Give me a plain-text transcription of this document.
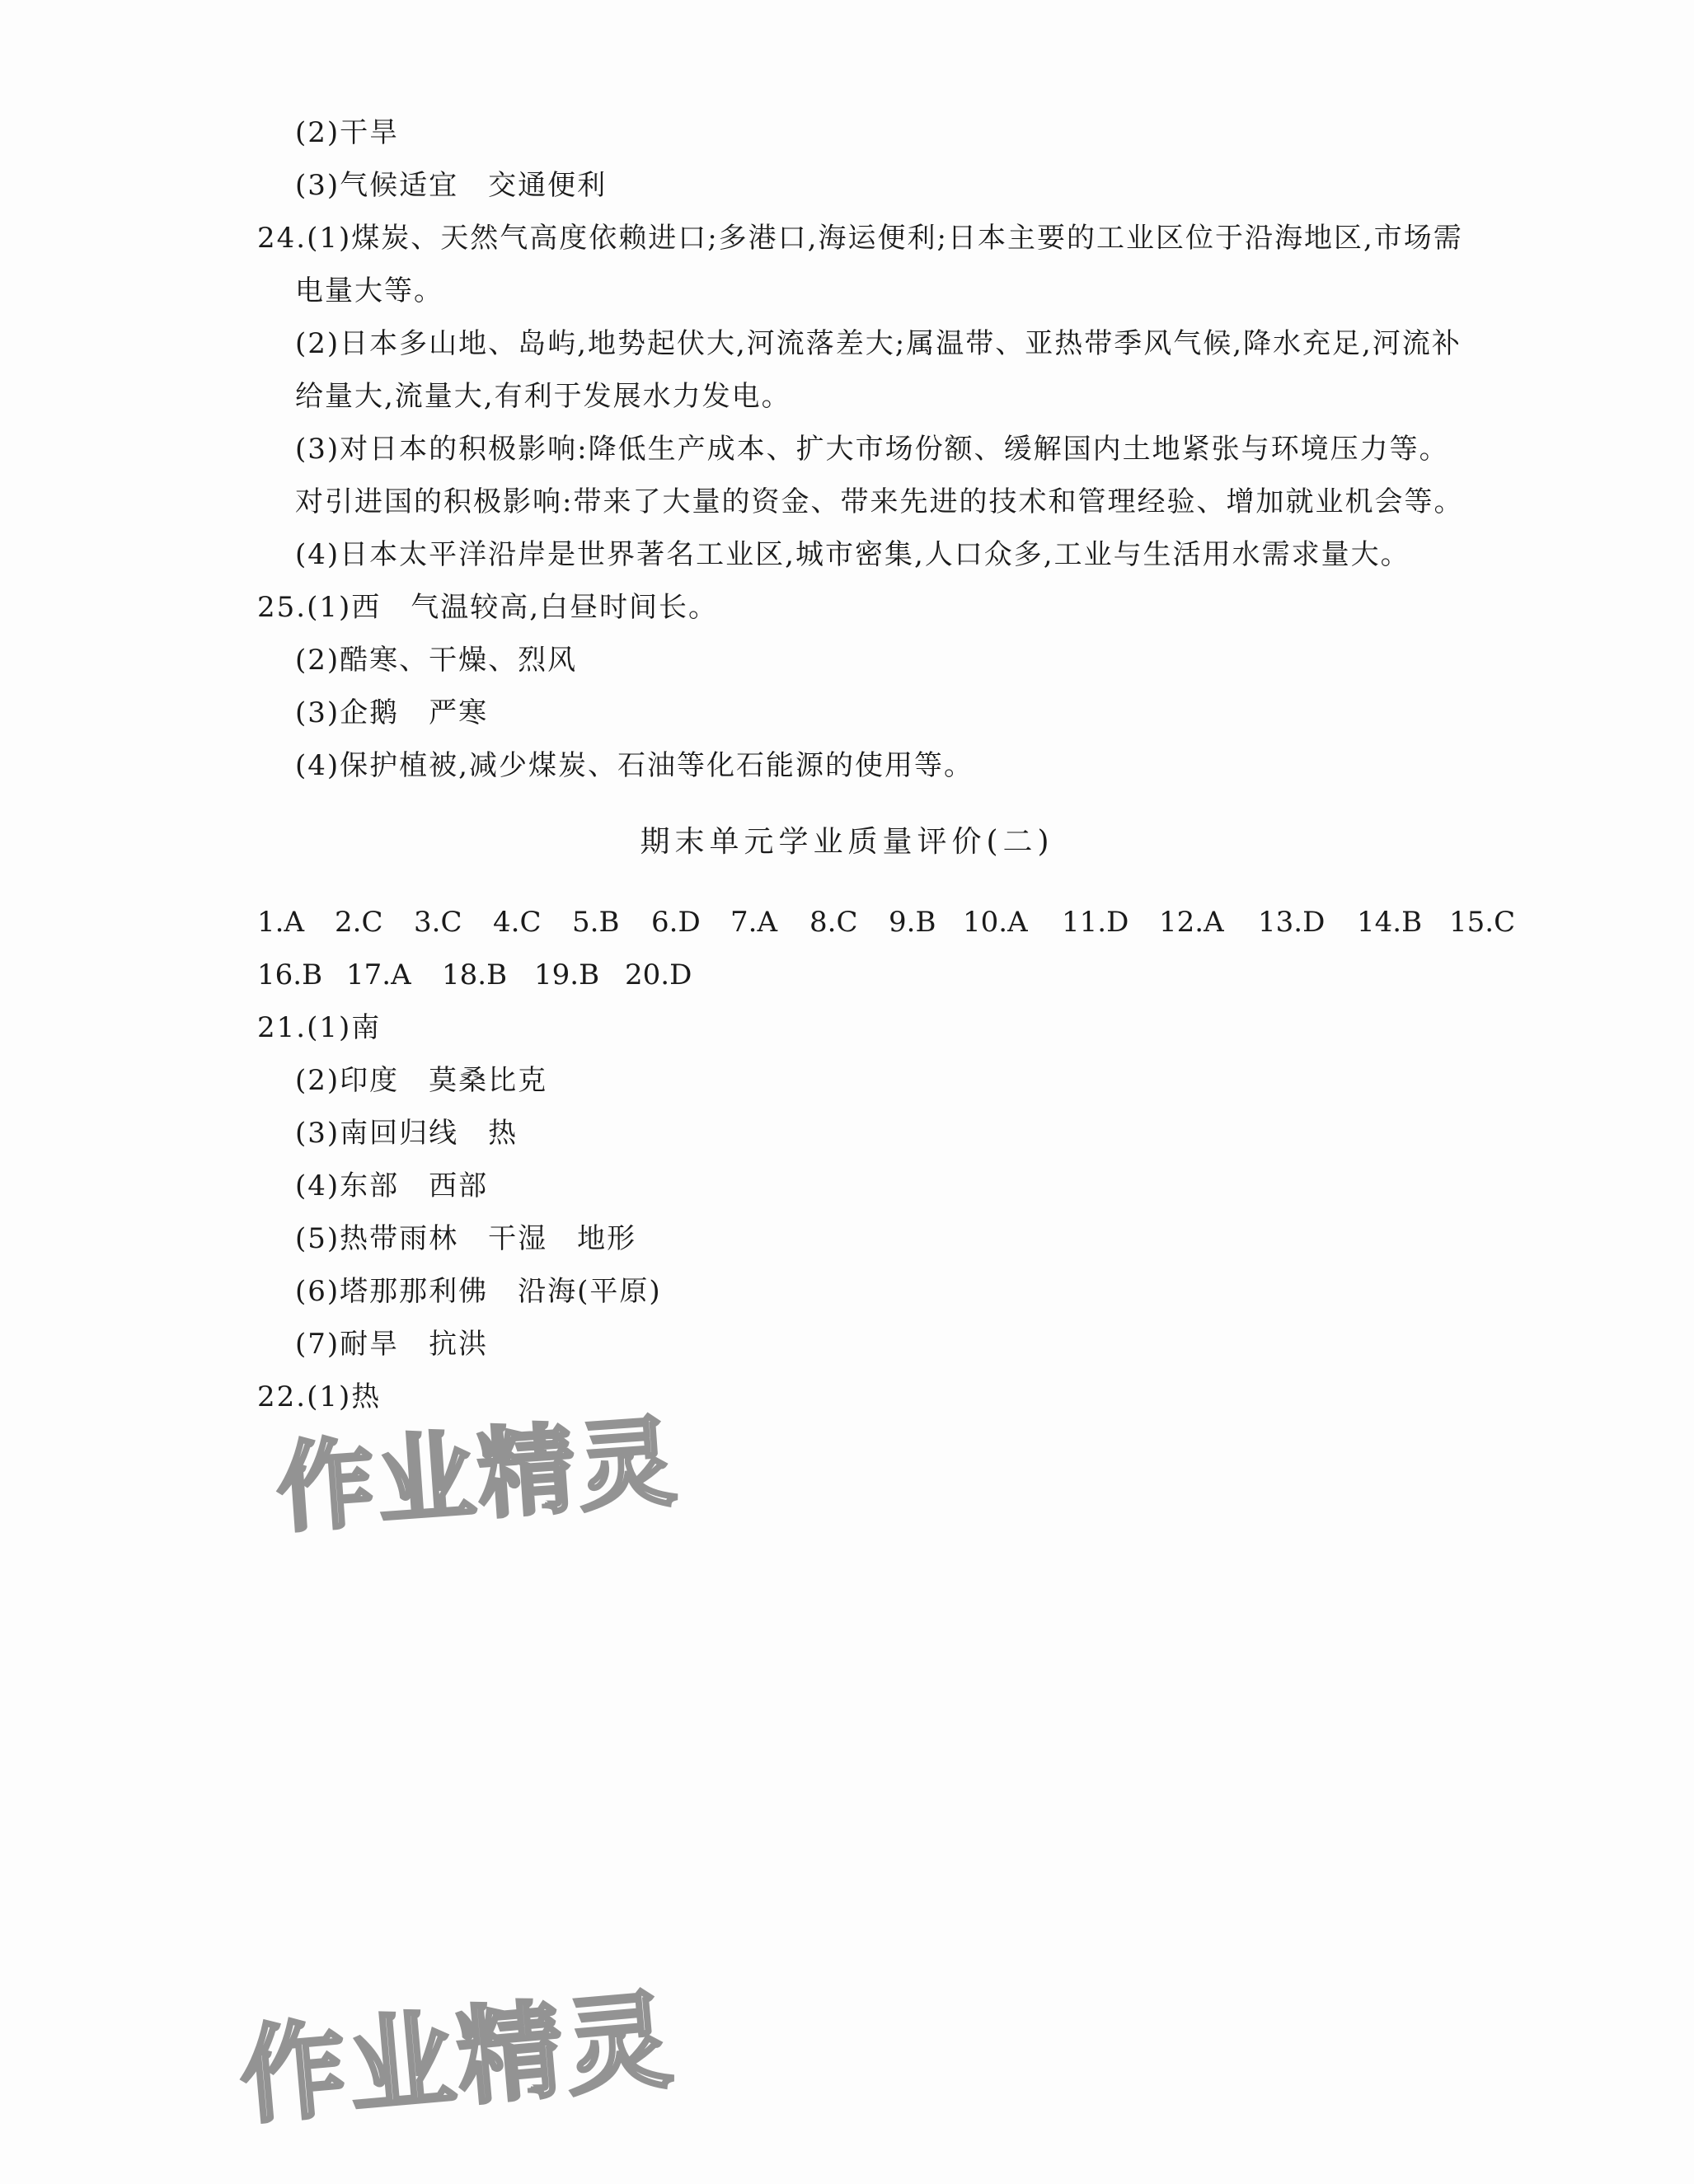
(2)干旱
(3)气候适宜　交通便利
24.(1)煤炭、天然气高度依赖进口;多港口,海运便利;日本主要的工业区位于沿海地区,市场需
电量大等。
(2)日本多山地、岛屿,地势起伏大,河流落差大;属温带、亚热带季风气候,降水充足,河流补
给量大,流量大,有利于发展水力发电。
(3)对日本的积极影响:降低生产成本、扩大市场份额、缓解国内土地紧张与环境压力等。
对引进国的积极影响:带来了大量的资金、带来先进的技术和管理经验、增加就业机会等。
(4)日本太平洋沿岸是世界著名工业区,城市密集,人口众多,工业与生活用水需求量大。
25.(1)西　气温较高,白昼时间长。
(2)酷寒、干燥、烈风
(3)企鹅　严寒
(4)保护植被,减少煤炭、石油等化石能源的使用等。
期末单元学业质量评价(二)
1.A 2.C 3.C 4.C 5.B 6.D 7.A 8.C 9.B 10.A 11.D 12.A 13.D 14.B 15.C
16.B 17.A 18.B 19.B 20.D
21.(1)南
(2)印度　莫桑比克
(3)南回归线　热
(4)东部　西部
(5)热带雨林　干湿　地形
(6)塔那那利佛　沿海(平原)
(7)耐旱　抗洪
22.(1)热
作业精灵
作业精灵
